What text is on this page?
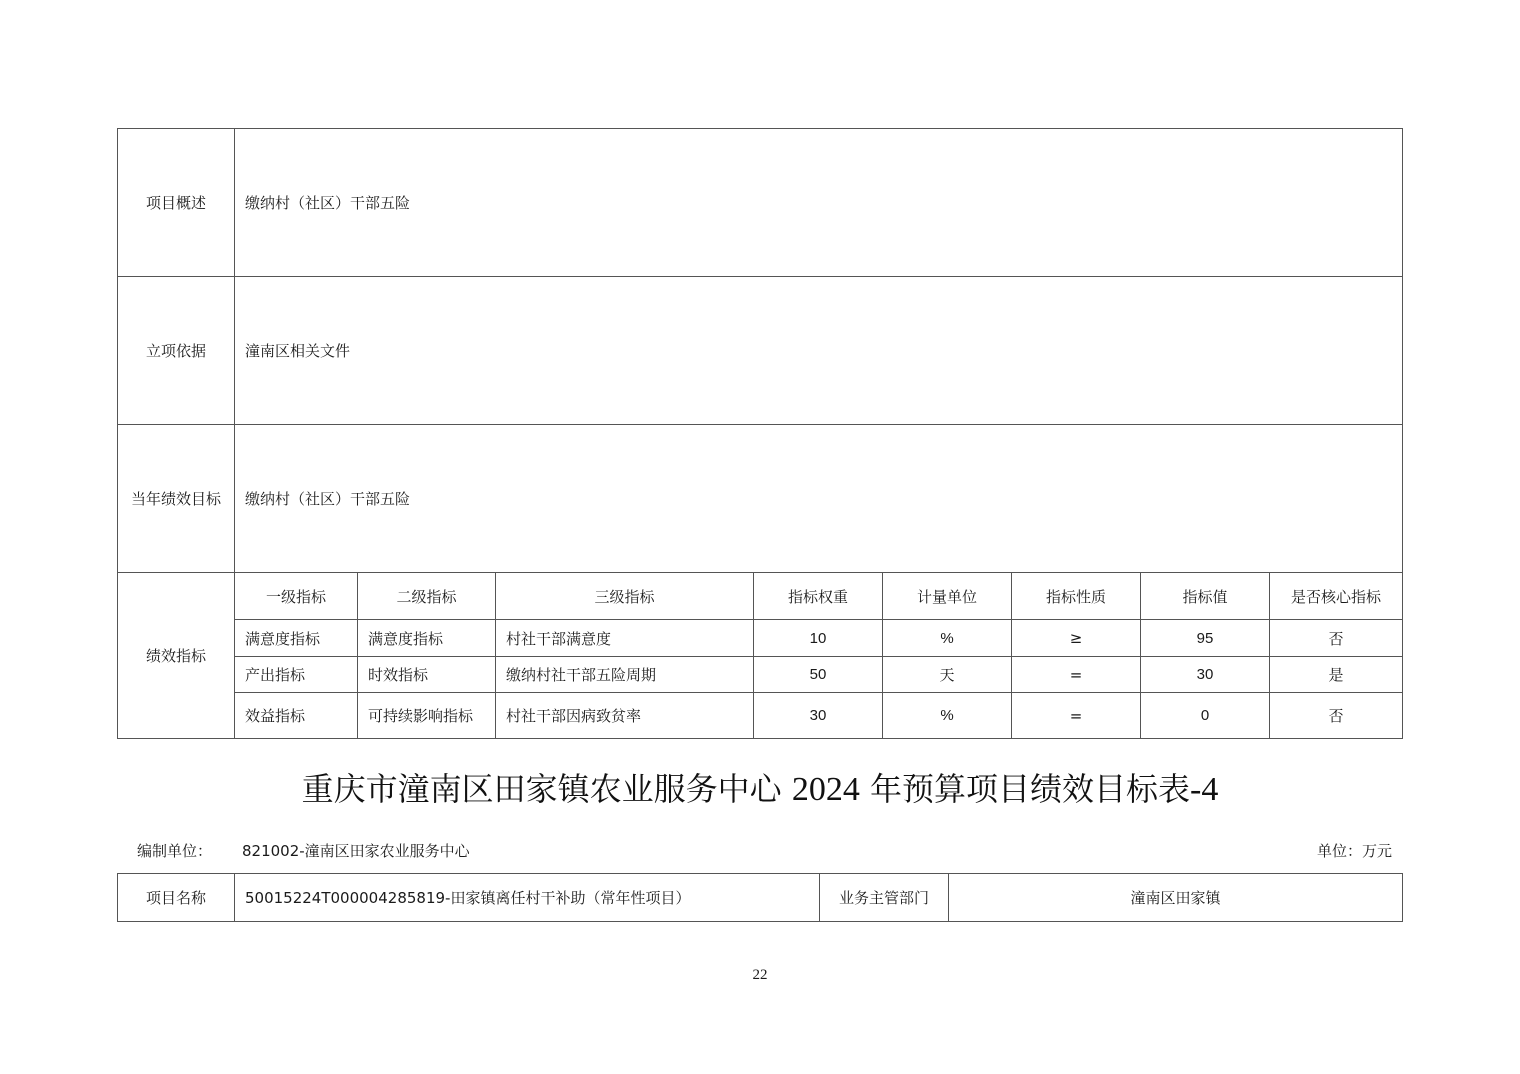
项目概述	缴纳村（社区）干部五险							
立项依据	潼南区相关文件							
当年绩效目标	缴纳村（社区）干部五险							
绩效指标	一级指标	二级指标	三级指标	指标权重	计量单位	指标性质	指标值	是否核心指标
	满意度指标	满意度指标	村社干部满意度	10	%	≥	95	否
	产出指标	时效指标	缴纳村社干部五险周期	50	天	=	30	是
	效益指标	可持续影响指标	村社干部因病致贫率	30	%	=	0	否
重庆市潼南区田家镇农业服务中心 2024 年预算项目绩效目标表-4
编制单位： 821002-潼南区田家农业服务中心	单位：万元
项目名称	50015224T000004285819-田家镇离任村干补助（常年性项目）	业务主管部门	潼南区田家镇
22
